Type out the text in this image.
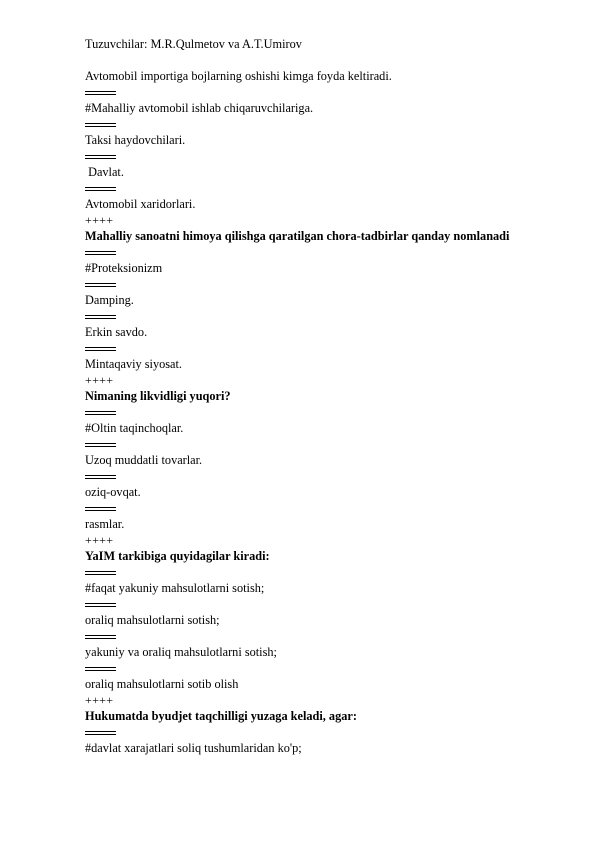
Tuzuvchilar: M.R.Qulmetov va A.T.Umirov
Avtomobil importiga bojlarning oshishi kimga foyda keltiradi.
#Mahalliy avtomobil ishlab chiqaruvchilariga.
Taksi haydovchilari.
Davlat.
Avtomobil xaridorlari.
++++
Mahalliy sanoatni himoya qilishga qaratilgan chora-tadbirlar qanday nomlanadi
#Proteksionizm
Damping.
Erkin savdo.
Mintaqaviy siyosat.
++++
Nimaning likvidligi yuqori?
#Oltin taqinchoqlar.
Uzoq muddatli tovarlar.
oziq-ovqat.
rasmlar.
++++
YaIM tarkibiga quyidagilar kiradi:
#faqat yakuniy mahsulotlarni sotish;
oraliq mahsulotlarni sotish;
yakuniy va oraliq mahsulotlarni sotish;
oraliq mahsulotlarni sotib olish
++++
Hukumatda byudjet taqchilligi yuzaga keladi, agar:
#davlat xarajatlari soliq tushumlaridan ko'p;
